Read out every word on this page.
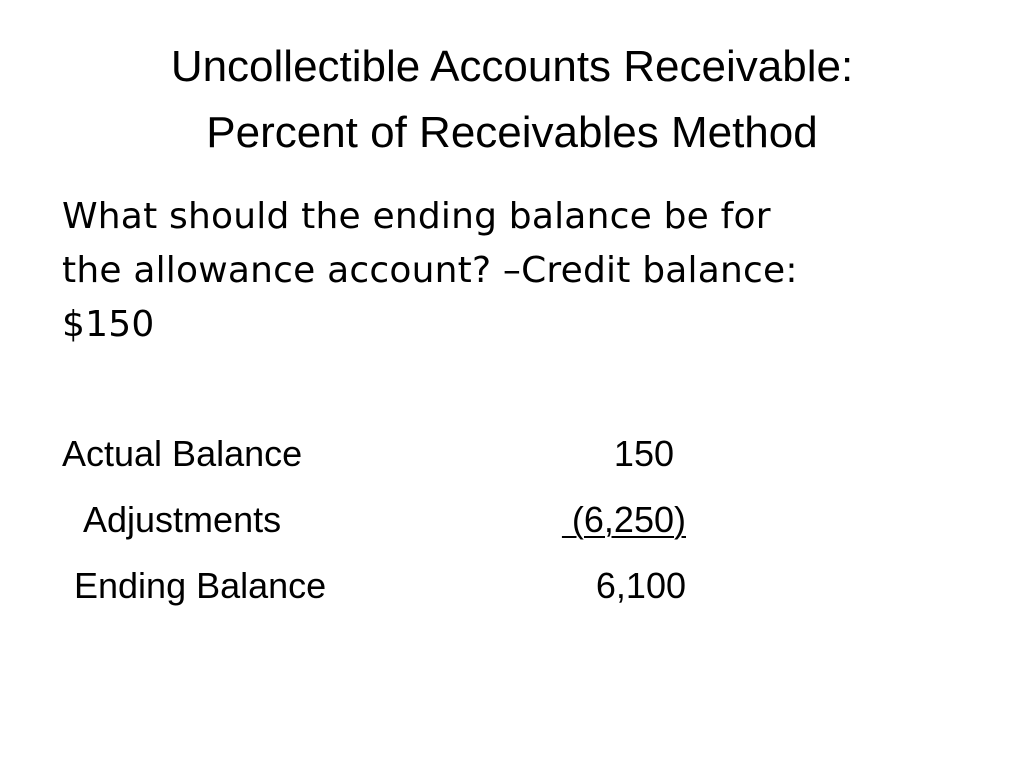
Uncollectible Accounts Receivable:
Percent of Receivables Method
What should the ending balance be for
the allowance account? –Credit balance:
$150
Actual Balance	150
Adjustments	(6,250)
Ending Balance	6,100
